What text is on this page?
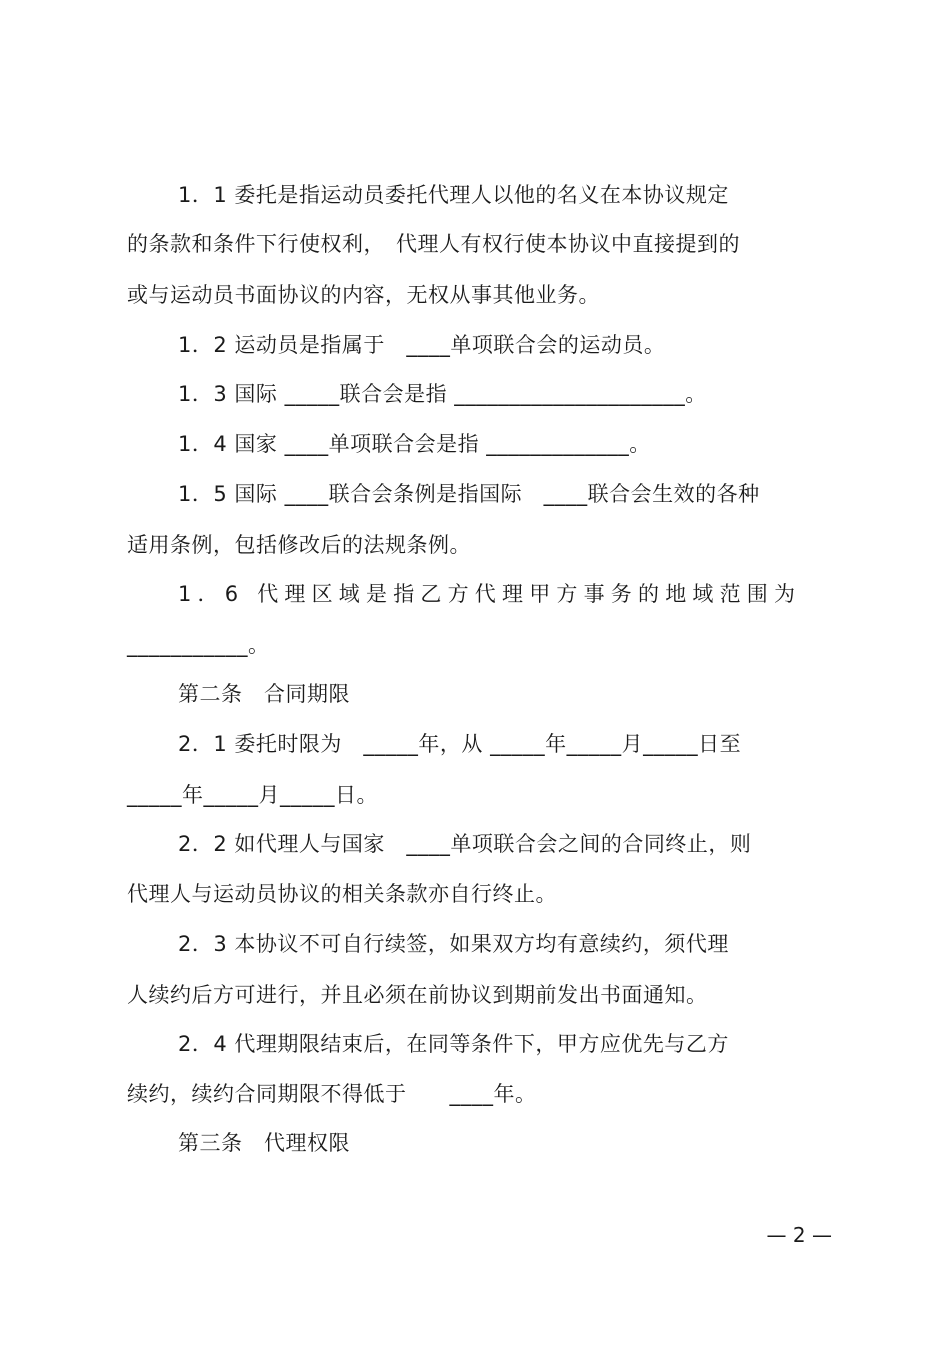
1．1 委托是指运动员委托代理人以他的名义在本协议规定
的条款和条件下行使权利，　代理人有权行使本协议中直接提到的
或与运动员书面协议的内容，无权从事其他业务。
1．2 运动员是指属于　____单项联合会的运动员。
1．3 国际 _____联合会是指 _____________________。
1．4 国家 ____单项联合会是指 _____________。
1．5 国际 ____联合会条例是指国际　____联合会生效的各种
适用条例，包括修改后的法规条例。
1．6 代理区域是指乙方代理甲方事务的地域范围为
___________。
第二条　合同期限
2．1 委托时限为　_____年，从 _____年_____月_____日至
_____年_____月_____日。
2．2 如代理人与国家　____单项联合会之间的合同终止，则
代理人与运动员协议的相关条款亦自行终止。
2．3 本协议不可自行续签，如果双方均有意续约，须代理
人续约后方可进行，并且必须在前协议到期前发出书面通知。
2．4 代理期限结束后，在同等条件下，甲方应优先与乙方
续约，续约合同期限不得低于　　____年。
第三条　代理权限
— 2 —
